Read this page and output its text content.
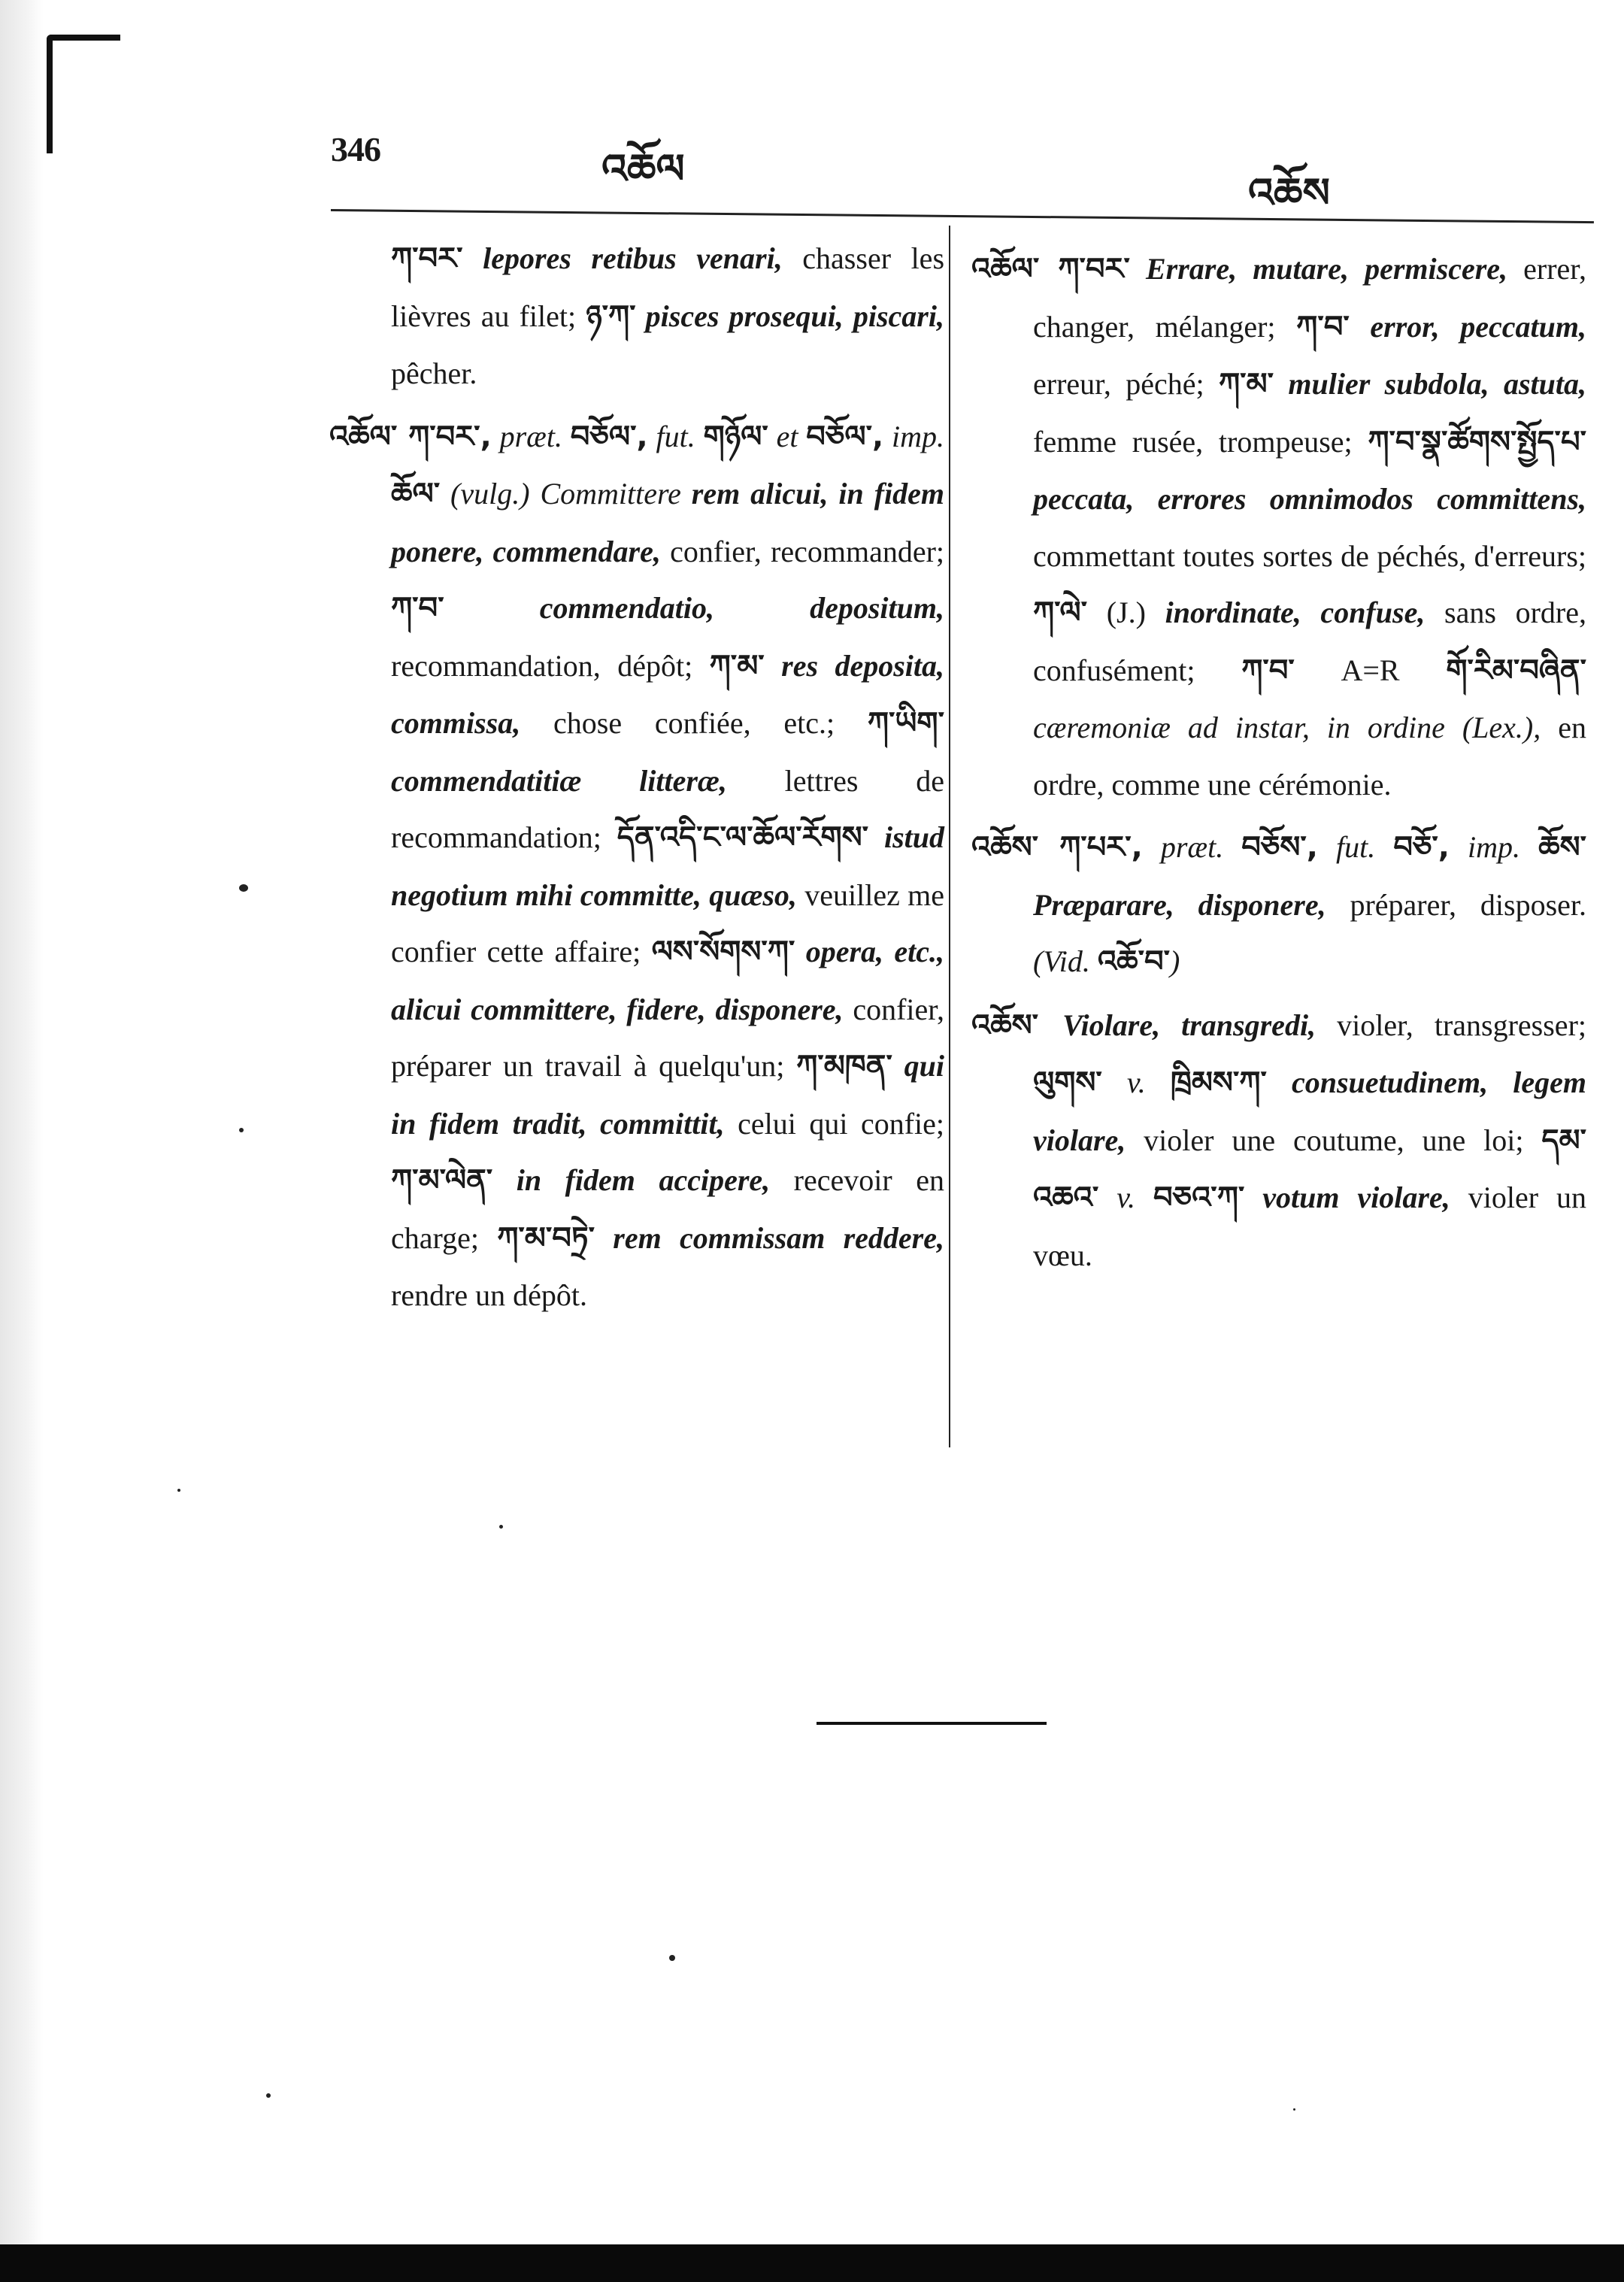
346	འཆོལ
འཆོས

ཀ་བར་ lepores retibus venari, chasser les lièvres au filet; ཉ་ཀ་ pisces prosequi, piscari, pêcher.

འཆོལ་ ཀ་བར་, præt. བཅོལ་, fut. གཉོལ་ et བཅོལ་, imp. ཆོལ་ (vulg.) Committere rem alicui, in fidem ponere, commendare, confier, recommander; ཀ་བ་ commendatio, depositum, recommandation, dépôt; ཀ་མ་ res deposita, commissa, chose confiée, etc.; ཀ་ཡིག་ commendatitiæ litteræ, lettres de recommandation; དོན་འདི་ང་ལ་ཆོལ་རོགས་ istud negotium mihi committe, quæso, veuillez me confier cette affaire; ལས་སོགས་ཀ་ opera, etc., alicui committere, fidere, disponere, confier, préparer un travail à quelqu'un; ཀ་མཁན་ qui in fidem tradit, committit, celui qui confie; ཀ་མ་ལེན་ in fidem accipere, recevoir en charge; ཀ་མ་བཏྲེ་ rem commissam reddere, rendre un dépôt.

འཆོལ་ ཀ་བར་ Errare, mutare, permiscere, errer, changer, mélanger; ཀ་བ་ error, peccatum, erreur, péché; ཀ་མ་ mulier subdola, astuta, femme rusée, trompeuse; ཀ་བ་སྣ་ཚོགས་སྤྱོད་པ་ peccata, errores omnimodos committens, commettant toutes sortes de péchés, d'erreurs; ཀ་ལེ་ (J.) inordinate, confuse, sans ordre, confusément; ཀ་བ་ A=R གོ་རིམ་བཞིན་ cæremoniæ ad instar, in ordine (Lex.), en ordre, comme une cérémonie.

འཆོས་ ཀ་པར་, præt. བཅོས་, fut. བཅོ་, imp. ཆོས་ Præparare, disponere, préparer, disposer. (Vid. འཆོ་བ་)

འཆོས་ Violare, transgredi, violer, transgresser; ལུགས་ v. ཁྲིམས་ཀ་ consuetudinem, legem violare, violer une coutume, une loi; དམ་འཆའ་ v. བཅའ་ཀ་ votum violare, violer un vœu.
